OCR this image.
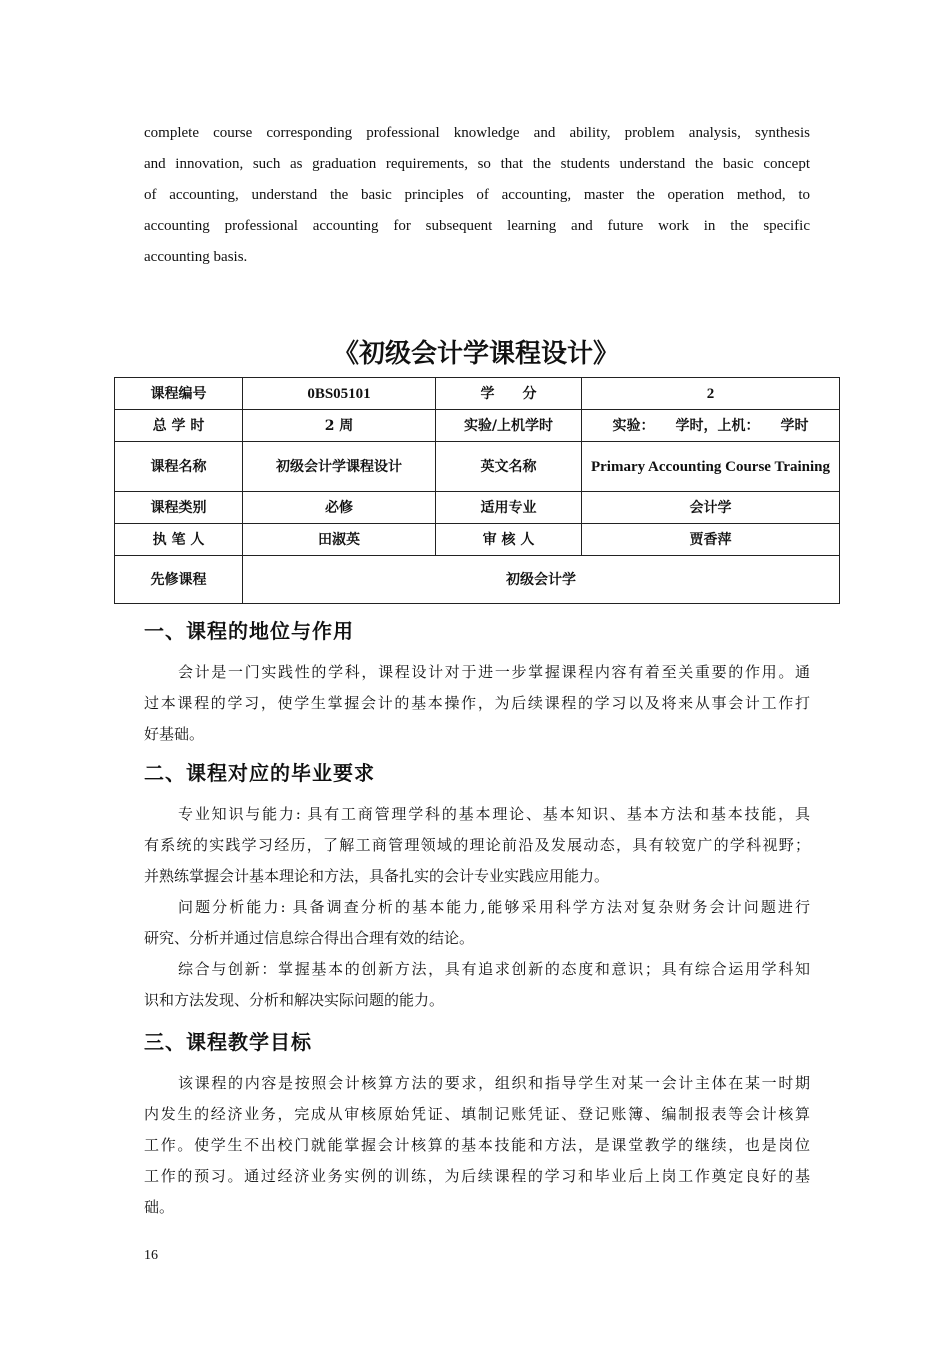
complete course corresponding professional knowledge and ability, problem analysis, synthesis
and innovation, such as graduation requirements, so that the students understand the basic concept
of accounting, understand the basic principles of accounting, master the operation method, to
accounting professional accounting for subsequent learning and future work in the specific
accounting basis.
《初级会计学课程设计》
课程编号	0BS05101	学　　分	2
总 学 时	2 周	实验/上机学时	实验：　　学时，上机：　　学时
课程名称	初级会计学课程设计	英文名称	Primary Accounting Course Training
课程类别	必修	适用专业	会计学
执 笔 人	田淑英	审 核 人	贾香萍
先修课程	初级会计学		
一、课程的地位与作用
会计是一门实践性的学科，课程设计对于进一步掌握课程内容有着至关重要的作用。通
过本课程的学习，使学生掌握会计的基本操作，为后续课程的学习以及将来从事会计工作打
好基础。
二、课程对应的毕业要求
专业知识与能力: 具有工商管理学科的基本理论、基本知识、基本方法和基本技能，具
有系统的实践学习经历，了解工商管理领域的理论前沿及发展动态，具有较宽广的学科视野；
并熟练掌握会计基本理论和方法，具备扎实的会计专业实践应用能力。
问题分析能力: 具备调查分析的基本能力,能够采用科学方法对复杂财务会计问题进行
研究、分析并通过信息综合得出合理有效的结论。
综合与创新：掌握基本的创新方法，具有追求创新的态度和意识；具有综合运用学科知
识和方法发现、分析和解决实际问题的能力。
三、课程教学目标
该课程的内容是按照会计核算方法的要求，组织和指导学生对某一会计主体在某一时期
内发生的经济业务，完成从审核原始凭证、填制记账凭证、登记账簿、编制报表等会计核算
工作。使学生不出校门就能掌握会计核算的基本技能和方法，是课堂教学的继续，也是岗位
工作的预习。通过经济业务实例的训练，为后续课程的学习和毕业后上岗工作奠定良好的基
础。
16
